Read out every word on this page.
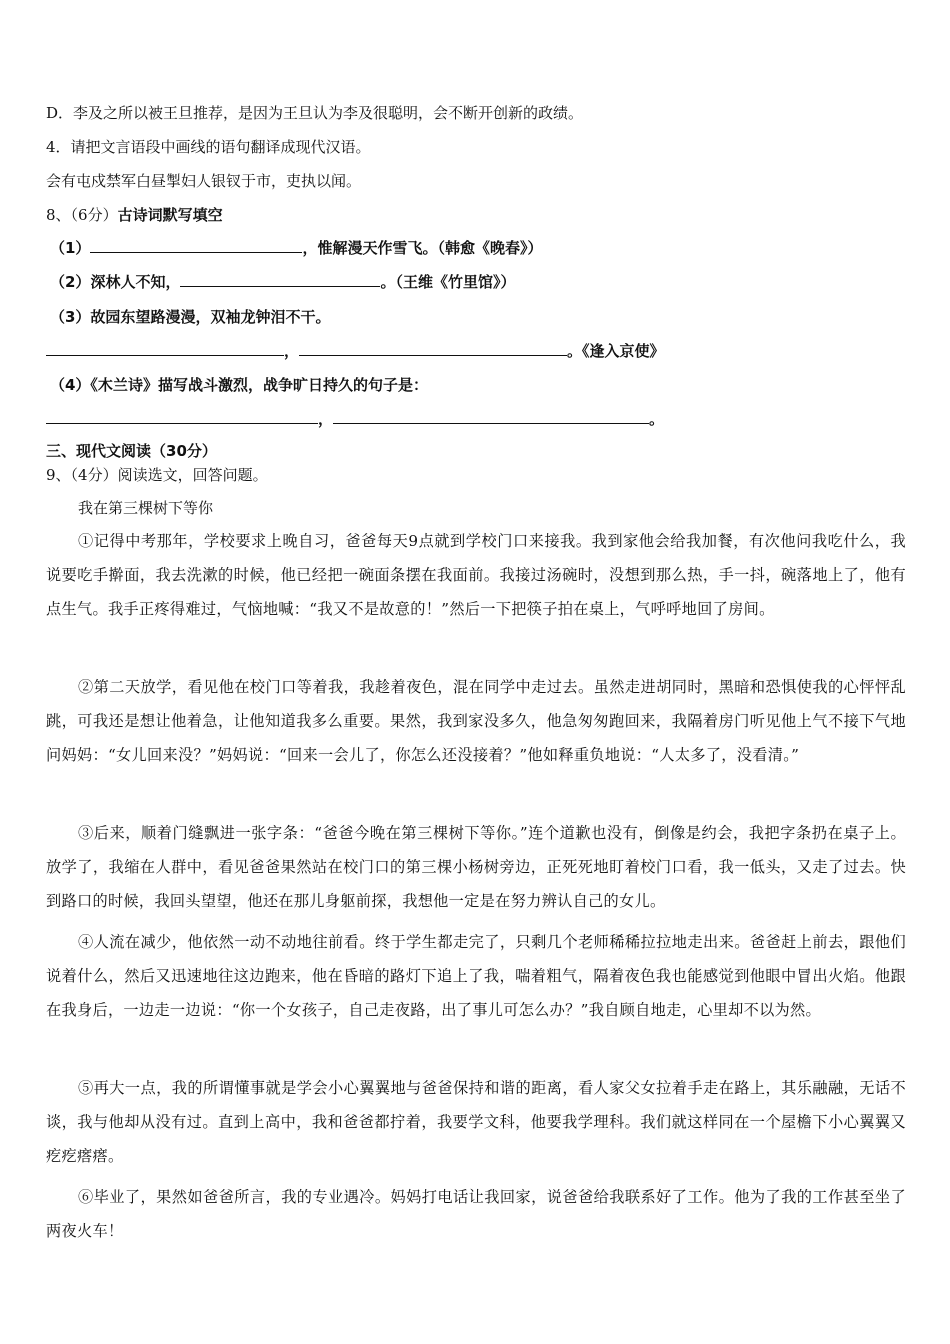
D．李及之所以被王旦推荐，是因为王旦认为李及很聪明，会不断开创新的政绩。
4．请把文言语段中画线的语句翻译成现代汉语。
会有屯戍禁军白昼掣妇人银钗于市，吏执以闻。
8、（6分）古诗词默写填空
（1）	，惟解漫天作雪飞。（韩愈《晚春》）
（2）深林人不知，	。（王维《竹里馆》）
（3）故园东望路漫漫，双袖龙钟泪不干。
，	。《逢入京使》
（4）《木兰诗》描写战斗激烈，战争旷日持久的句子是：
，	。
三、现代文阅读（30分）
9、（4分）阅读选文，回答问题。
我在第三棵树下等你
①记得中考那年，学校要求上晚自习，爸爸每天9点就到学校门口来接我。我到家他会给我加餐，有次他问我吃什么，我说要吃手擀面，我去洗漱的时候，他已经把一碗面条摆在我面前。我接过汤碗时，没想到那么热，手一抖，碗落地上了，他有点生气。我手正疼得难过，气恼地喊：“我又不是故意的！”然后一下把筷子拍在桌上，气呼呼地回了房间。
②第二天放学，看见他在校门口等着我，我趁着夜色，混在同学中走过去。虽然走进胡同时，黑暗和恐惧使我的心怦怦乱跳，可我还是想让他着急，让他知道我多么重要。果然，我到家没多久，他急匆匆跑回来，我隔着房门听见他上气不接下气地问妈妈：“女儿回来没？”妈妈说：“回来一会儿了，你怎么还没接着？”他如释重负地说：“人太多了，没看清。”
③后来，顺着门缝飘进一张字条：“爸爸今晚在第三棵树下等你。”连个道歉也没有，倒像是约会，我把字条扔在桌子上。放学了，我缩在人群中，看见爸爸果然站在校门口的第三棵小杨树旁边，正死死地盯着校门口看，我一低头，又走了过去。快到路口的时候，我回头望望，他还在那儿身躯前探，我想他一定是在努力辨认自己的女儿。
④人流在减少，他依然一动不动地往前看。终于学生都走完了，只剩几个老师稀稀拉拉地走出来。爸爸赶上前去，跟他们说着什么，然后又迅速地往这边跑来，他在昏暗的路灯下追上了我，喘着粗气，隔着夜色我也能感觉到他眼中冒出火焰。他跟在我身后，一边走一边说：“你一个女孩子，自己走夜路，出了事儿可怎么办？”我自顾自地走，心里却不以为然。
⑤再大一点，我的所谓懂事就是学会小心翼翼地与爸爸保持和谐的距离，看人家父女拉着手走在路上，其乐融融，无话不谈，我与他却从没有过。直到上高中，我和爸爸都拧着，我要学文科，他要我学理科。我们就这样同在一个屋檐下小心翼翼又疙疙瘩瘩。
⑥毕业了，果然如爸爸所言，我的专业遇冷。妈妈打电话让我回家，说爸爸给我联系好了工作。他为了我的工作甚至坐了两夜火车！
